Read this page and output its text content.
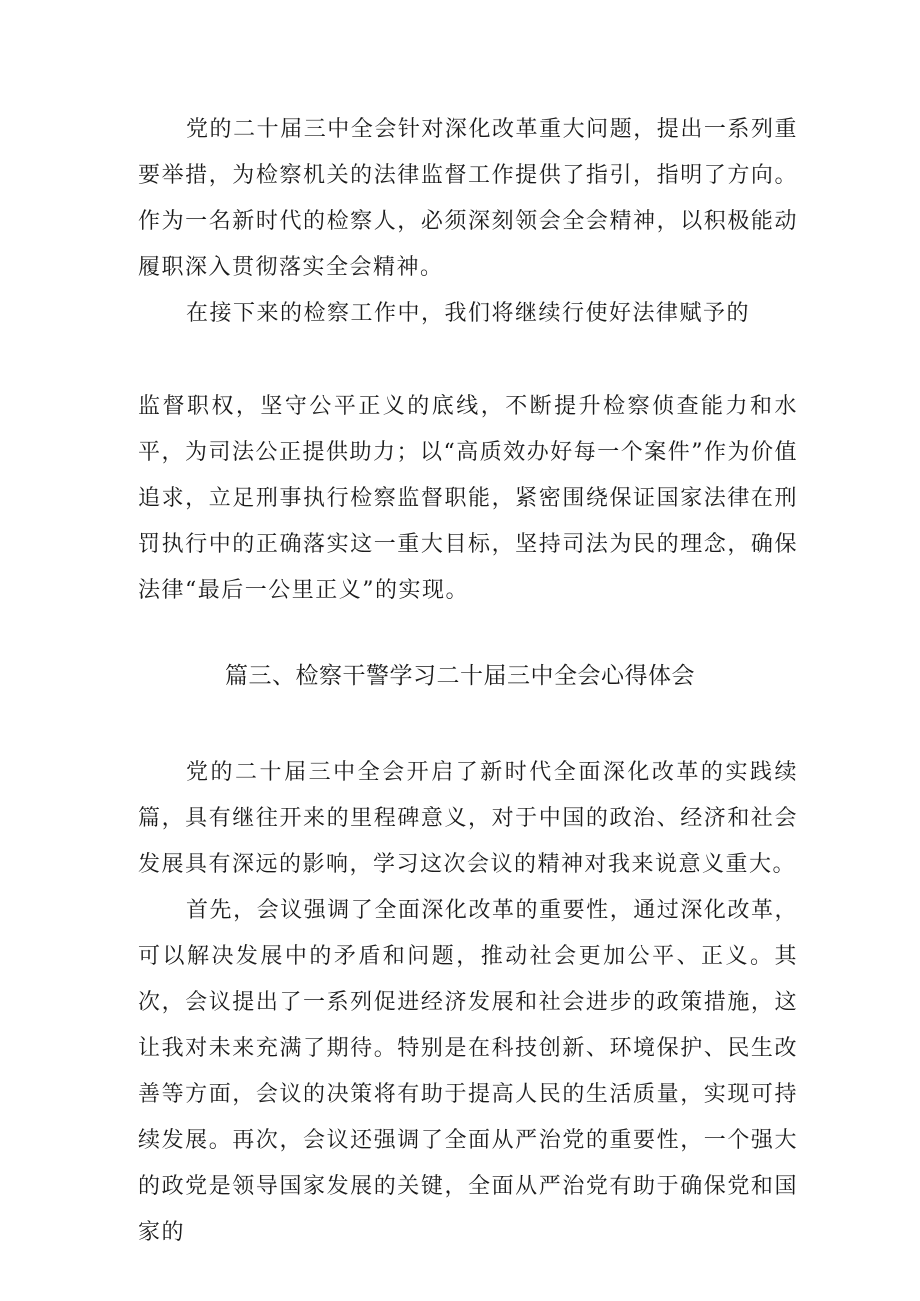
党的二十届三中全会针对深化改革重大问题，提出一系列重要举措，为检察机关的法律监督工作提供了指引，指明了方向。作为一名新时代的检察人，必须深刻领会全会精神，以积极能动履职深入贯彻落实全会精神。

在接下来的检察工作中，我们将继续行使好法律赋予的

监督职权，坚守公平正义的底线，不断提升检察侦查能力和水平，为司法公正提供助力；以“高质效办好每一个案件”作为价值追求，立足刑事执行检察监督职能，紧密围绕保证国家法律在刑罚执行中的正确落实这一重大目标，坚持司法为民的理念，确保法律“最后一公里正义”的实现。

篇三、检察干警学习二十届三中全会心得体会

党的二十届三中全会开启了新时代全面深化改革的实践续篇，具有继往开来的里程碑意义，对于中国的政治、经济和社会发展具有深远的影响，学习这次会议的精神对我来说意义重大。

首先，会议强调了全面深化改革的重要性，通过深化改革，可以解决发展中的矛盾和问题，推动社会更加公平、正义。其次，会议提出了一系列促进经济发展和社会进步的政策措施，这让我对未来充满了期待。特别是在科技创新、环境保护、民生改善等方面，会议的决策将有助于提高人民的生活质量，实现可持续发展。再次，会议还强调了全面从严治党的重要性，一个强大的政党是领导国家发展的关键，全面从严治党有助于确保党和国家的
